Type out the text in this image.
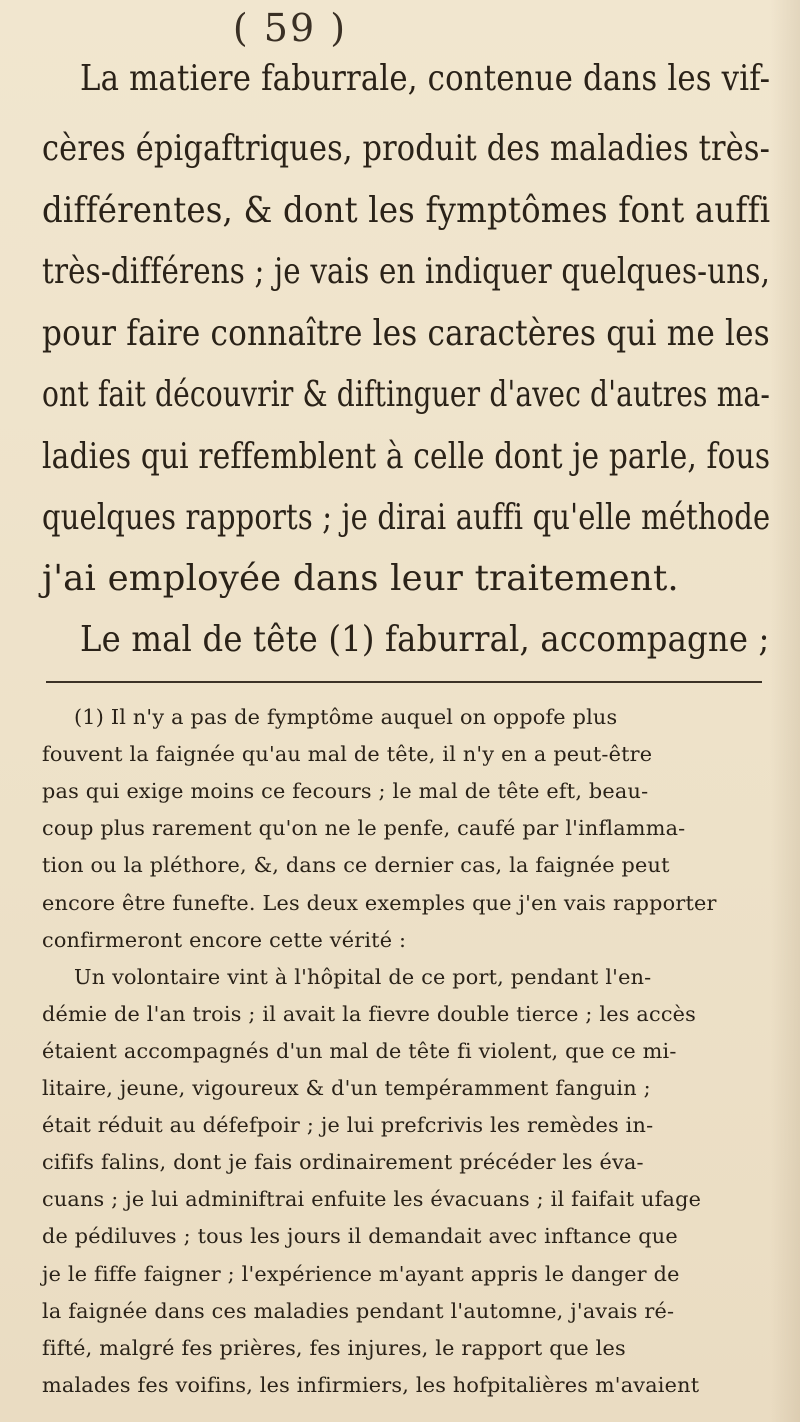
( 59 )
La matiere faburrale, contenue dans les vif-
cères épigaftriques, produit des maladies très-
différentes, & dont les fymptômes font auffi
très-différens ; je vais en indiquer quelques-uns,
pour faire connaître les caractères qui me les
ont fait découvrir & diftinguer d'avec d'autres ma-
ladies qui reffemblent à celle dont je parle, fous
quelques rapports ; je dirai auffi qu'elle méthode
j'ai employée dans leur traitement.
Le mal de tête (1) faburral, accompagne ;
(1) Il n'y a pas de fymptôme auquel on oppofe plus
fouvent la faignée qu'au mal de tête, il n'y en a peut-être
pas qui exige moins ce fecours ; le mal de tête eft, beau-
coup plus rarement qu'on ne le penfe, caufé par l'inflamma-
tion ou la pléthore, &, dans ce dernier cas, la faignée peut
encore être funefte. Les deux exemples que j'en vais rapporter
confirmeront encore cette vérité :
Un volontaire vint à l'hôpital de ce port, pendant l'en-
démie de l'an trois ; il avait la fievre double tierce ; les accès
étaient accompagnés d'un mal de tête fi violent, que ce mi-
litaire, jeune, vigoureux & d'un tempéramment fanguin ;
était réduit au défefpoir ; je lui prefcrivis les remèdes in-
cififs falins, dont je fais ordinairement précéder les éva-
cuans ; je lui adminiftrai enfuite les évacuans ; il faifait ufage
de pédiluves ; tous les jours il demandait avec inftance que
je le fiffe faigner ; l'expérience m'ayant appris le danger de
la faignée dans ces maladies pendant l'automne, j'avais ré-
fifté, malgré fes prières, fes injures, le rapport que les
malades fes voifins, les infirmiers, les hofpitalières m'avaient
